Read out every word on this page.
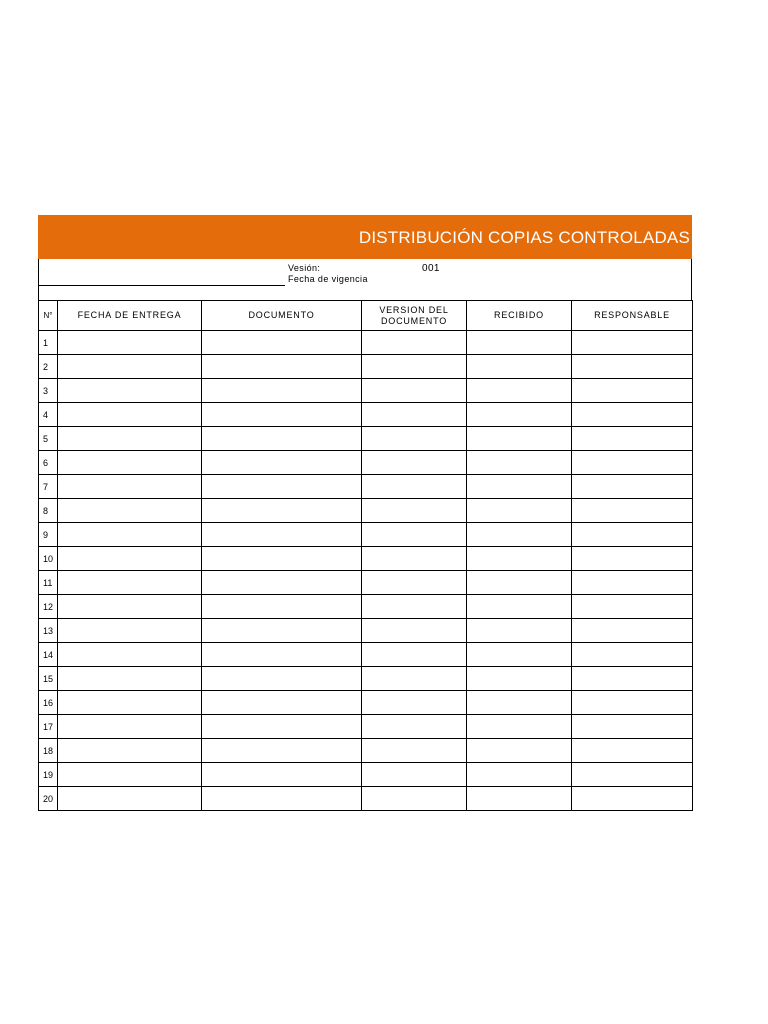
DISTRIBUCIÓN COPIAS CONTROLADAS
Vesión:	001
Fecha de vigencia
N°	FECHA DE ENTREGA	DOCUMENTO	VERSION DEL DOCUMENTO	RECIBIDO	RESPONSABLE
1					
2					
3					
4					
5					
6					
7					
8					
9					
10					
11					
12					
13					
14					
15					
16					
17					
18					
19					
20					
